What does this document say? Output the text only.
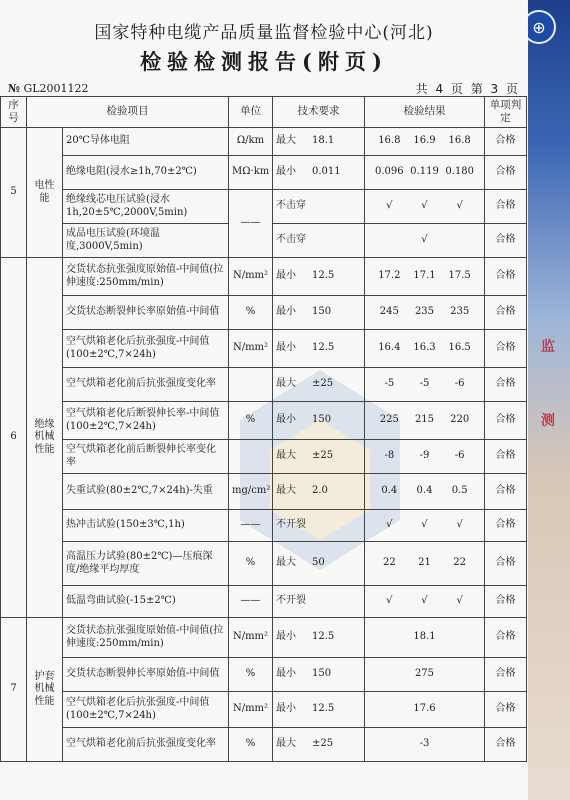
⊕
监
测
国家特种电缆产品质量监督检验中心(河北)
检验检测报告(附页)
№ GL2001122	共 4 页 第 3 页
序号	检验项目		单位	技术要求	检验结果	单项判定
5	电性能	20℃导体电阻	Ω/km	最大 18.1	16.8 16.9 16.8	合格
		绝缘电阻(浸水≥1h,70±2℃)	MΩ·km	最小 0.011	0.096 0.119 0.180	合格
		绝缘线芯电压试验(浸水1h,20±5℃,2000V,5min)	——	不击穿	√ √ √	合格
		成品电压试验(环境温度,3000V,5min)		不击穿	√	合格
6	绝缘机械性能	交货状态抗张强度原始值-中间值(拉伸速度:250mm/min)	N/mm²	最小 12.5	17.2 17.1 17.5	合格
		交货状态断裂伸长率原始值-中间值	%	最小 150	245 235 235	合格
		空气烘箱老化后抗张强度-中间值(100±2℃,7×24h)	N/mm²	最小 12.5	16.4 16.3 16.5	合格
		空气烘箱老化前后抗张强度变化率		最大 ±25	-5 -5 -6	合格
		空气烘箱老化后断裂伸长率-中间值(100±2℃,7×24h)	%	最小 150	225 215 220	合格
		空气烘箱老化前后断裂伸长率变化率		最大 ±25	-8 -9 -6	合格
		失重试验(80±2℃,7×24h)-失重	mg/cm²	最大 2.0	0.4 0.4 0.5	合格
		热冲击试验(150±3℃,1h)	——	不开裂	√ √ √	合格
		高温压力试验(80±2℃)—压痕深度/绝缘平均厚度	%	最大 50	22 21 22	合格
		低温弯曲试验(-15±2℃)	——	不开裂	√ √ √	合格
7	护套机械性能	交货状态抗张强度原始值-中间值(拉伸速度:250mm/min)	N/mm²	最小 12.5	18.1	合格
		交货状态断裂伸长率原始值-中间值	%	最小 150	275	合格
		空气烘箱老化后抗张强度-中间值(100±2℃,7×24h)	N/mm²	最小 12.5	17.6	合格
		空气烘箱老化前后抗张强度变化率	%	最大 ±25	-3	合格
